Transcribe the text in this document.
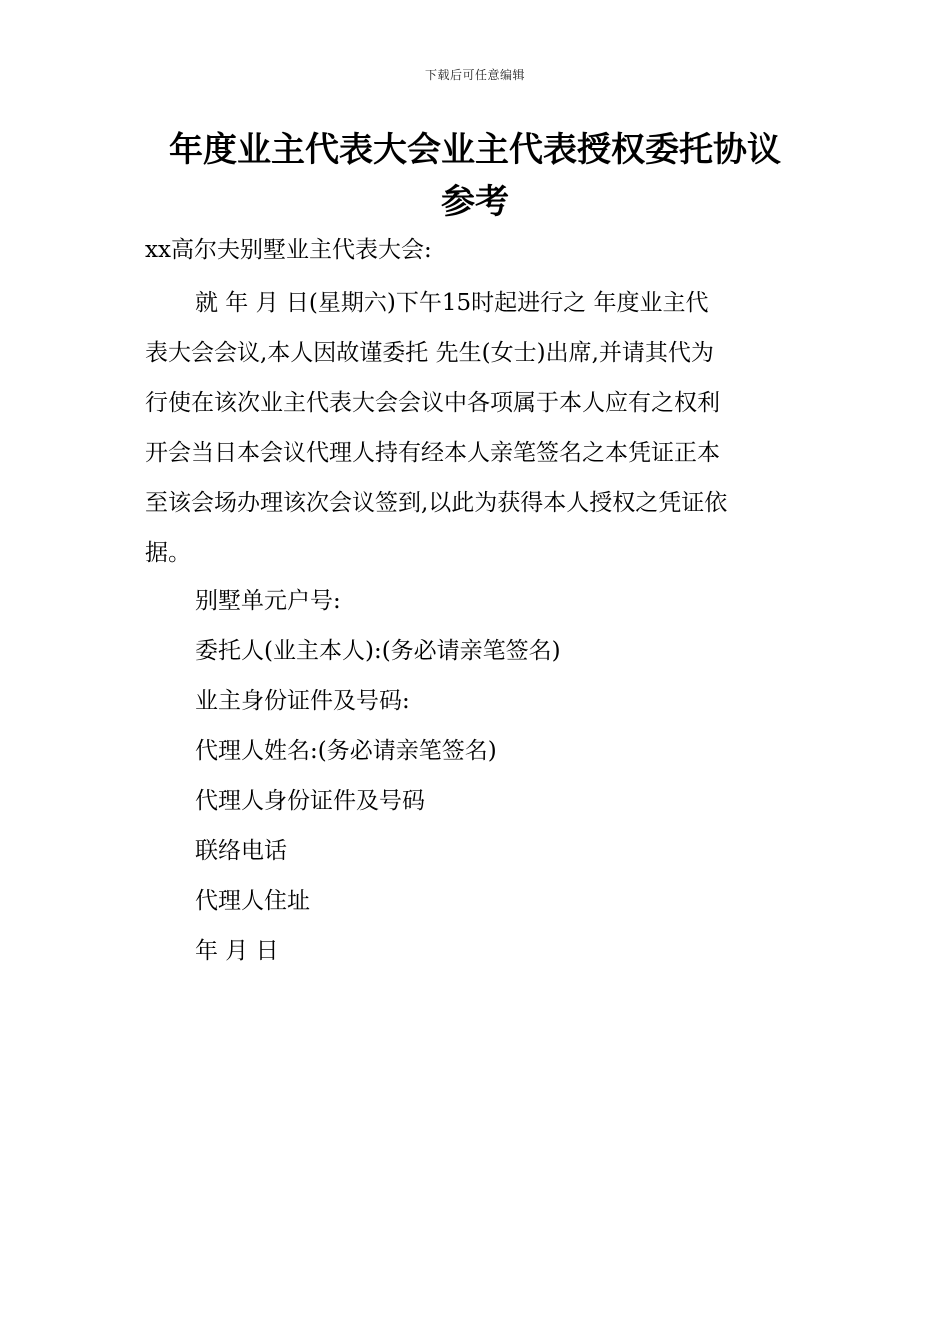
下载后可任意编辑
年度业主代表大会业主代表授权委托协议
参考
xx高尔夫别墅业主代表大会:
就 年 月 日(星期六)下午15时起进行之 年度业主代
表大会会议,本人因故谨委托 先生(女士)出席,并请其代为
行使在该次业主代表大会会议中各项属于本人应有之权利
开会当日本会议代理人持有经本人亲笔签名之本凭证正本
至该会场办理该次会议签到,以此为获得本人授权之凭证依
据。
别墅单元户号:
委托人(业主本人):(务必请亲笔签名)
业主身份证件及号码:
代理人姓名:(务必请亲笔签名)
代理人身份证件及号码
联络电话
代理人住址
年 月 日
